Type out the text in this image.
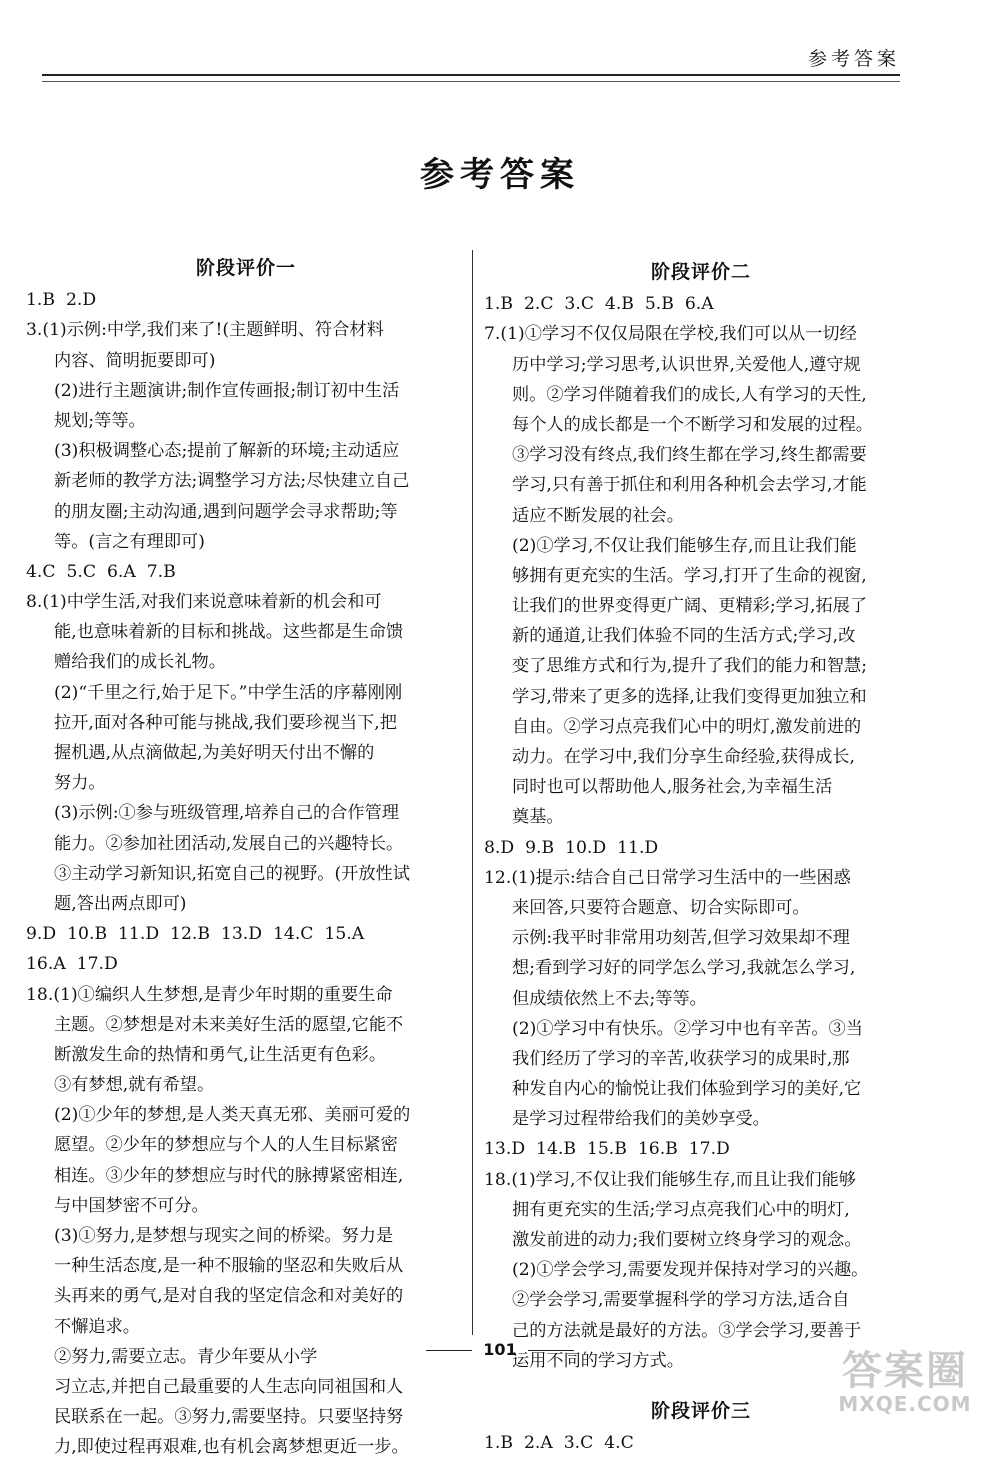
参考答案
参考答案
阶段评价一
1.B  2.D
3.(1)示例:中学,我们来了!(主题鲜明、符合材料
内容、简明扼要即可)
(2)进行主题演讲;制作宣传画报;制订初中生活
规划;等等。
(3)积极调整心态;提前了解新的环境;主动适应
新老师的教学方法;调整学习方法;尽快建立自己
的朋友圈;主动沟通,遇到问题学会寻求帮助;等
等。(言之有理即可)
4.C  5.C  6.A  7.B
8.(1)中学生活,对我们来说意味着新的机会和可
能,也意味着新的目标和挑战。这些都是生命馈
赠给我们的成长礼物。
(2)“千里之行,始于足下。”中学生活的序幕刚刚
拉开,面对各种可能与挑战,我们要珍视当下,把
握机遇,从点滴做起,为美好明天付出不懈的
努力。
(3)示例:①参与班级管理,培养自己的合作管理
能力。②参加社团活动,发展自己的兴趣特长。
③主动学习新知识,拓宽自己的视野。(开放性试
题,答出两点即可)
9.D  10.B  11.D  12.B  13.D  14.C  15.A
16.A  17.D
18.(1)①编织人生梦想,是青少年时期的重要生命
主题。②梦想是对未来美好生活的愿望,它能不
断激发生命的热情和勇气,让生活更有色彩。
③有梦想,就有希望。
(2)①少年的梦想,是人类天真无邪、美丽可爱的
愿望。②少年的梦想应与个人的人生目标紧密
相连。③少年的梦想应与时代的脉搏紧密相连,
与中国梦密不可分。
(3)①努力,是梦想与现实之间的桥梁。努力是
一种生活态度,是一种不服输的坚忍和失败后从
头再来的勇气,是对自我的坚定信念和对美好的
不懈追求。
②努力,需要立志。青少年要从小学
习立志,并把自己最重要的人生志向同祖国和人
民联系在一起。③努力,需要坚持。只要坚持努
力,即使过程再艰难,也有机会离梦想更近一步。
阶段评价二
1.B  2.C  3.C  4.B  5.B  6.A
7.(1)①学习不仅仅局限在学校,我们可以从一切经
历中学习;学习思考,认识世界,关爱他人,遵守规
则。②学习伴随着我们的成长,人有学习的天性,
每个人的成长都是一个不断学习和发展的过程。
③学习没有终点,我们终生都在学习,终生都需要
学习,只有善于抓住和利用各种机会去学习,才能
适应不断发展的社会。
(2)①学习,不仅让我们能够生存,而且让我们能
够拥有更充实的生活。学习,打开了生命的视窗,
让我们的世界变得更广阔、更精彩;学习,拓展了
新的通道,让我们体验不同的生活方式;学习,改
变了思维方式和行为,提升了我们的能力和智慧;
学习,带来了更多的选择,让我们变得更加独立和
自由。②学习点亮我们心中的明灯,激发前进的
动力。在学习中,我们分享生命经验,获得成长,
同时也可以帮助他人,服务社会,为幸福生活
奠基。
8.D  9.B  10.D  11.D
12.(1)提示:结合自己日常学习生活中的一些困惑
来回答,只要符合题意、切合实际即可。
示例:我平时非常用功刻苦,但学习效果却不理
想;看到学习好的同学怎么学习,我就怎么学习,
但成绩依然上不去;等等。
(2)①学习中有快乐。②学习中也有辛苦。③当
我们经历了学习的辛苦,收获学习的成果时,那
种发自内心的愉悦让我们体验到学习的美好,它
是学习过程带给我们的美妙享受。
13.D  14.B  15.B  16.B  17.D
18.(1)学习,不仅让我们能够生存,而且让我们能够
拥有更充实的生活;学习点亮我们心中的明灯,
激发前进的动力;我们要树立终身学习的观念。
(2)①学会学习,需要发现并保持对学习的兴趣。
②学会学习,需要掌握科学的学习方法,适合自
己的方法就是最好的方法。③学会学习,要善于
运用不同的学习方式。
阶段评价三
1.B  2.A  3.C  4.C
101	答案圈
MXQE.COM
